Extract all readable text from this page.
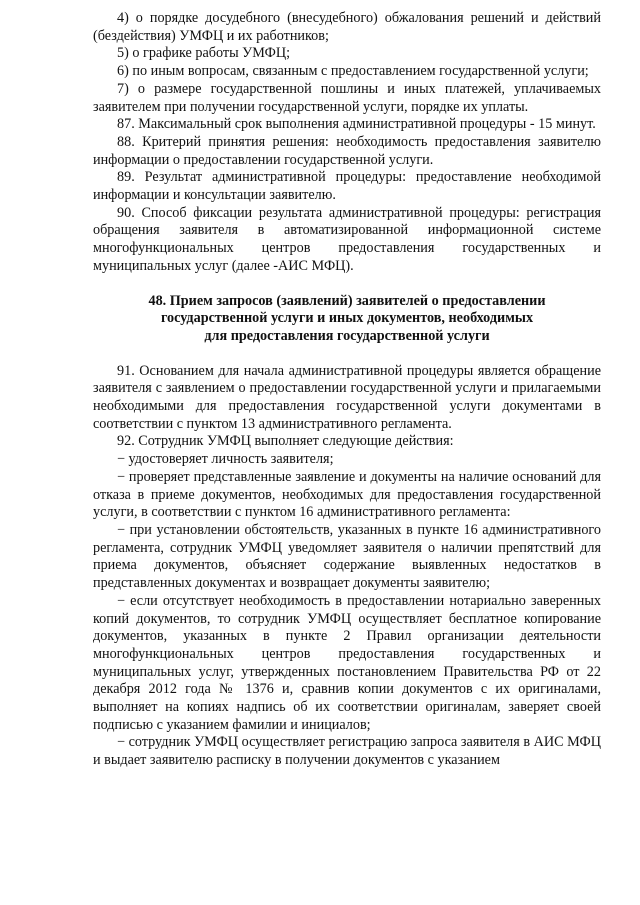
4) о порядке досудебного (внесудебного) обжалования решений и действий (бездействия) УМФЦ и их работников;

5) о графике работы УМФЦ;

6) по иным вопросам, связанным с предоставлением государственной услуги;

7) о размере государственной пошлины и иных платежей, уплачиваемых заявителем при получении государственной услуги, порядке их уплаты.

87. Максимальный срок выполнения административной процедуры - 15 минут.

88. Критерий принятия решения: необходимость предоставления заявителю информации о предоставлении государственной услуги.

89. Результат административной процедуры: предоставление необходимой информации и консультации заявителю.

90. Способ фиксации результата административной процедуры: регистрация обращения заявителя в автоматизированной информационной системе многофункциональных центров предоставления государственных и муниципальных услуг (далее -АИС МФЦ).

48. Прием запросов (заявлений) заявителей о предоставлении
государственной услуги и иных документов, необходимых
для предоставления государственной услуги

91. Основанием для начала административной процедуры является обращение заявителя с заявлением о предоставлении государственной услуги и прилагаемыми необходимыми для предоставления государственной услуги документами в соответствии с пунктом 13 административного регламента.

92. Сотрудник УМФЦ выполняет следующие действия:

− удостоверяет личность заявителя;

− проверяет представленные заявление и документы на наличие оснований для отказа в приеме документов, необходимых для предоставления государственной услуги, в соответствии с пунктом 16 административного регламента:

− при установлении обстоятельств, указанных в пункте 16 административного регламента, сотрудник УМФЦ уведомляет заявителя о наличии препятствий для приема документов, объясняет содержание выявленных недостатков в представленных документах и возвращает документы заявителю;

− если отсутствует необходимость в предоставлении нотариально заверенных копий документов, то сотрудник УМФЦ осуществляет бесплатное копирование документов, указанных в пункте 2 Правил организации деятельности многофункциональных центров предоставления государственных и муниципальных услуг, утвержденных постановлением Правительства РФ от 22 декабря 2012 года № 1376 и, сравнив копии документов с их оригиналами, выполняет на копиях надпись об их соответствии оригиналам, заверяет своей подписью с указанием фамилии и инициалов;

− сотрудник УМФЦ осуществляет регистрацию запроса заявителя в АИС МФЦ и выдает заявителю расписку в получении документов с указанием
